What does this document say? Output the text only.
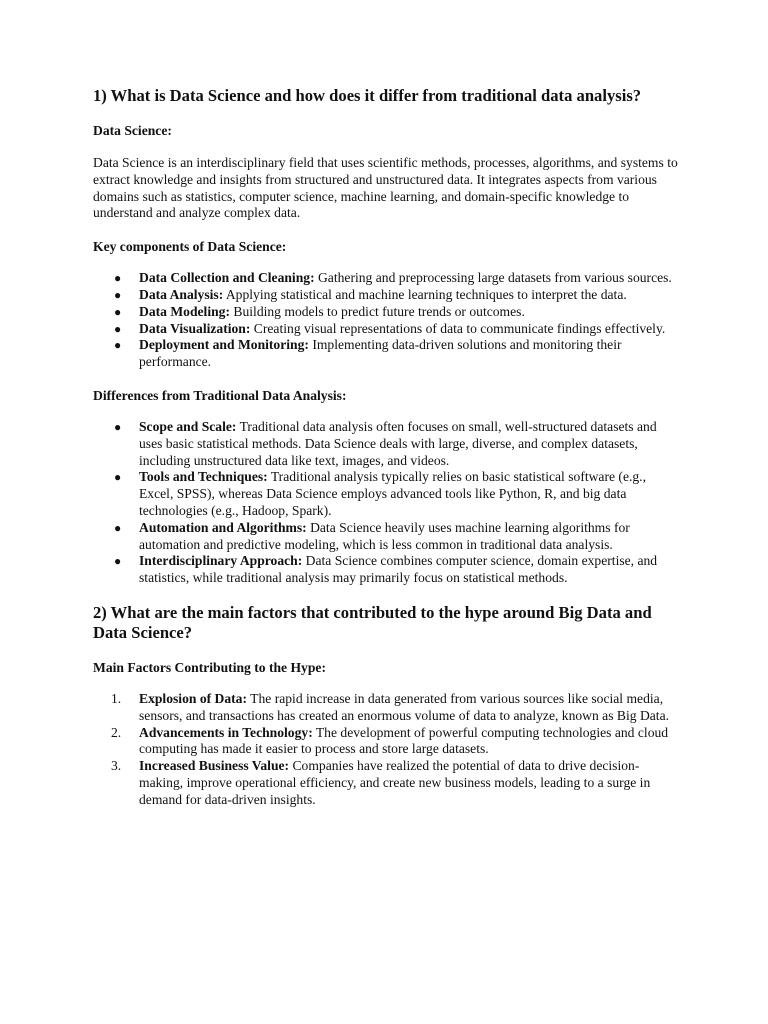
1) What is Data Science and how does it differ from traditional data analysis?

Data Science:

Data Science is an interdisciplinary field that uses scientific methods, processes, algorithms, and systems to extract knowledge and insights from structured and unstructured data. It integrates aspects from various domains such as statistics, computer science, machine learning, and domain-specific knowledge to understand and analyze complex data.

Key components of Data Science:

● Data Collection and Cleaning: Gathering and preprocessing large datasets from various sources.
● Data Analysis: Applying statistical and machine learning techniques to interpret the data.
● Data Modeling: Building models to predict future trends or outcomes.
● Data Visualization: Creating visual representations of data to communicate findings effectively.
● Deployment and Monitoring: Implementing data-driven solutions and monitoring their performance.

Differences from Traditional Data Analysis:

● Scope and Scale: Traditional data analysis often focuses on small, well-structured datasets and uses basic statistical methods. Data Science deals with large, diverse, and complex datasets, including unstructured data like text, images, and videos.
● Tools and Techniques: Traditional analysis typically relies on basic statistical software (e.g., Excel, SPSS), whereas Data Science employs advanced tools like Python, R, and big data technologies (e.g., Hadoop, Spark).
● Automation and Algorithms: Data Science heavily uses machine learning algorithms for automation and predictive modeling, which is less common in traditional data analysis.
● Interdisciplinary Approach: Data Science combines computer science, domain expertise, and statistics, while traditional analysis may primarily focus on statistical methods.

2) What are the main factors that contributed to the hype around Big Data and Data Science?

Main Factors Contributing to the Hype:

1. Explosion of Data: The rapid increase in data generated from various sources like social media, sensors, and transactions has created an enormous volume of data to analyze, known as Big Data.
2. Advancements in Technology: The development of powerful computing technologies and cloud computing has made it easier to process and store large datasets.
3. Increased Business Value: Companies have realized the potential of data to drive decision-making, improve operational efficiency, and create new business models, leading to a surge in demand for data-driven insights.
